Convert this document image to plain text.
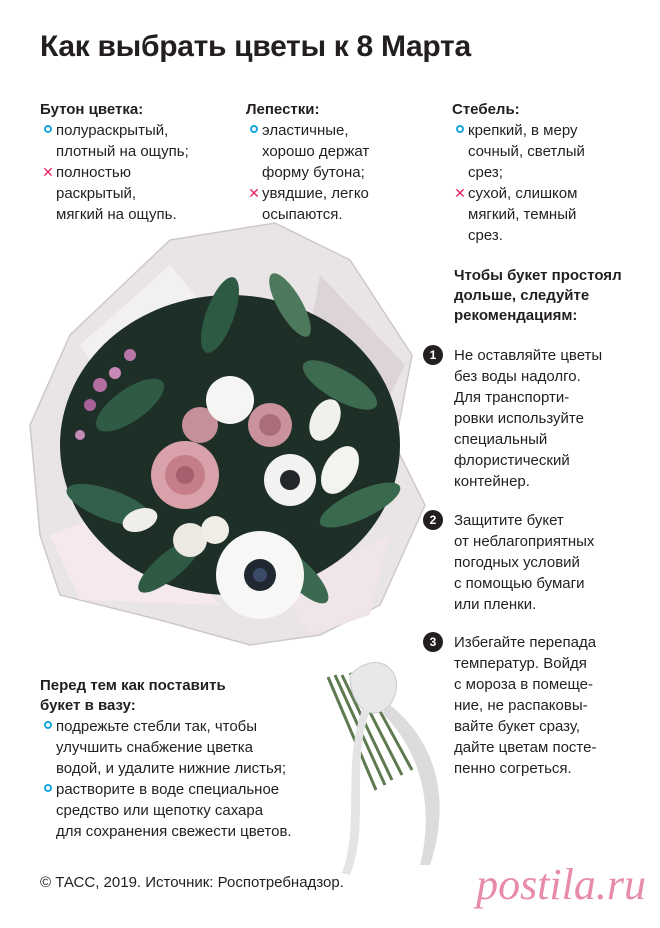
Как выбрать цветы к 8 Марта
Бутон цветка:
полураскрытый,
плотный на ощупь;
✕ полностью
раскрытый,
мягкий на ощупь.
Лепестки:
эластичные,
хорошо держат
форму бутона;
✕ увядшие, легко
осыпаются.
Стебель:
крепкий, в меру
сочный, светлый
срез;
✕ сухой, слишком
мягкий, темный
срез.
Чтобы букет простоял
дольше, следуйте
рекомендациям:
1	Не оставляйте цветы
без воды надолго.
Для транспорти-
ровки используйте
специальный
флористический
контейнер.
2	Защитите букет
от неблагоприятных
погодных условий
с помощью бумаги
или пленки.
3	Избегайте перепада
температур. Войдя
с мороза в помеще-
ние, не распаковы-
вайте букет сразу,
дайте цветам посте-
пенно согреться.
Перед тем как поставить
букет в вазу:
подрежьте стебли так, чтобы
улучшить снабжение цветка
водой, и удалите нижние листья;
растворите в воде специальное
средство или щепотку сахара
для сохранения свежести цветов.
© ТАСС, 2019. Источник: Роспотребнадзор.	postila.ru
